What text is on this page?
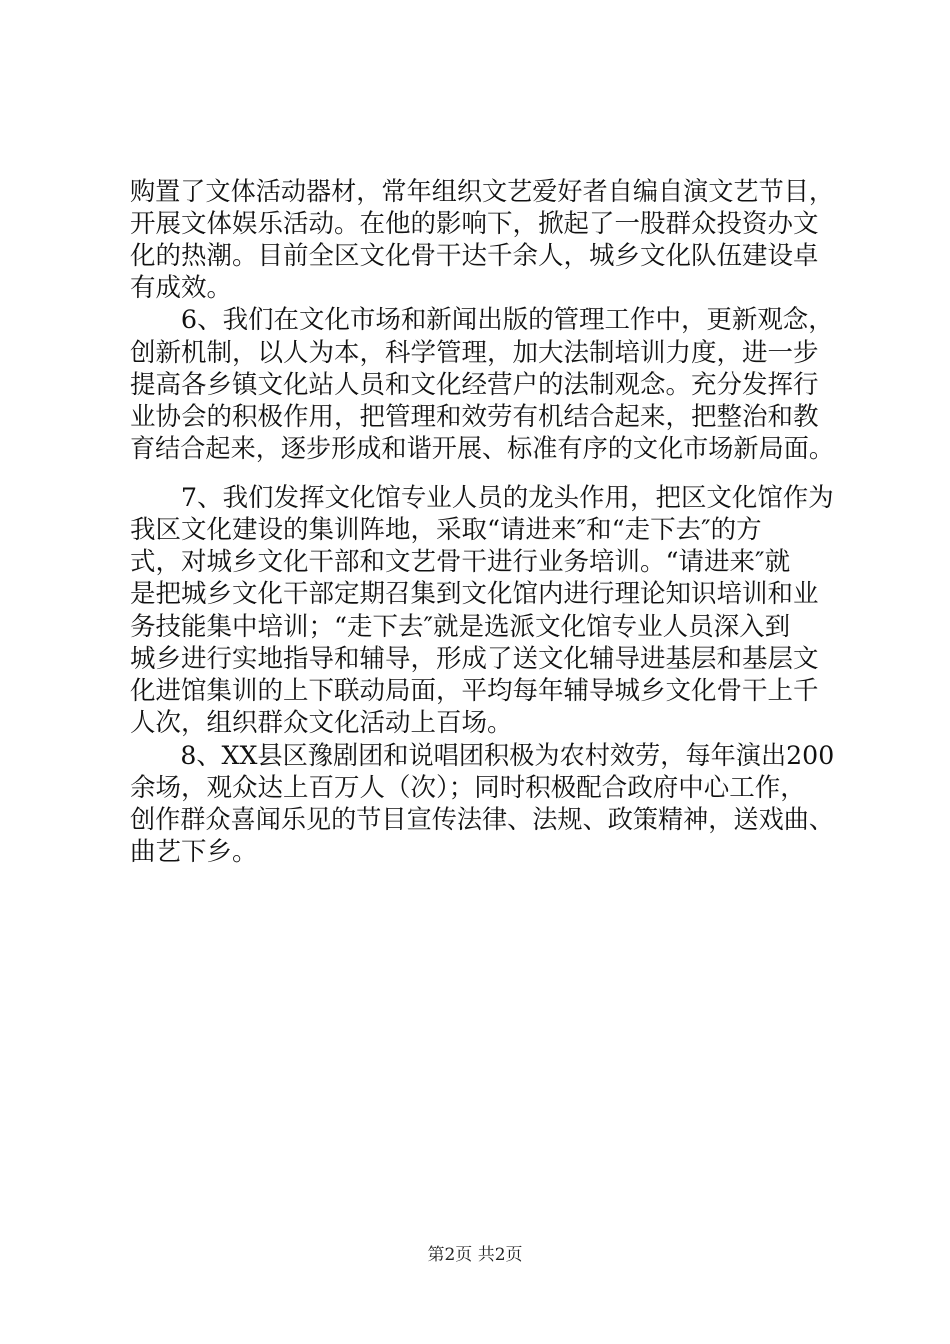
购置了文体活动器材，常年组织文艺爱好者自编自演文艺节目，
开展文体娱乐活动。在他的影响下，掀起了一股群众投资办文
化的热潮。目前全区文化骨干达千余人，城乡文化队伍建设卓
有成效。
　　6、我们在文化市场和新闻出版的管理工作中，更新观念，
创新机制，以人为本，科学管理，加大法制培训力度，进一步
提高各乡镇文化站人员和文化经营户的法制观念。充分发挥行
业协会的积极作用，把管理和效劳有机结合起来，把整治和教
育结合起来，逐步形成和谐开展、标准有序的文化市场新局面。
　　7、我们发挥文化馆专业人员的龙头作用，把区文化馆作为
我区文化建设的集训阵地，采取“请进来″和“走下去″的方
式，对城乡文化干部和文艺骨干进行业务培训。“请进来″就
是把城乡文化干部定期召集到文化馆内进行理论知识培训和业
务技能集中培训；“走下去″就是选派文化馆专业人员深入到
城乡进行实地指导和辅导，形成了送文化辅导进基层和基层文
化进馆集训的上下联动局面，平均每年辅导城乡文化骨干上千
人次，组织群众文化活动上百场。
　　8、XX县区豫剧团和说唱团积极为农村效劳，每年演出200
余场，观众达上百万人（次）；同时积极配合政府中心工作，
创作群众喜闻乐见的节目宣传法律、法规、政策精神，送戏曲、
曲艺下乡。
第2页 共2页
